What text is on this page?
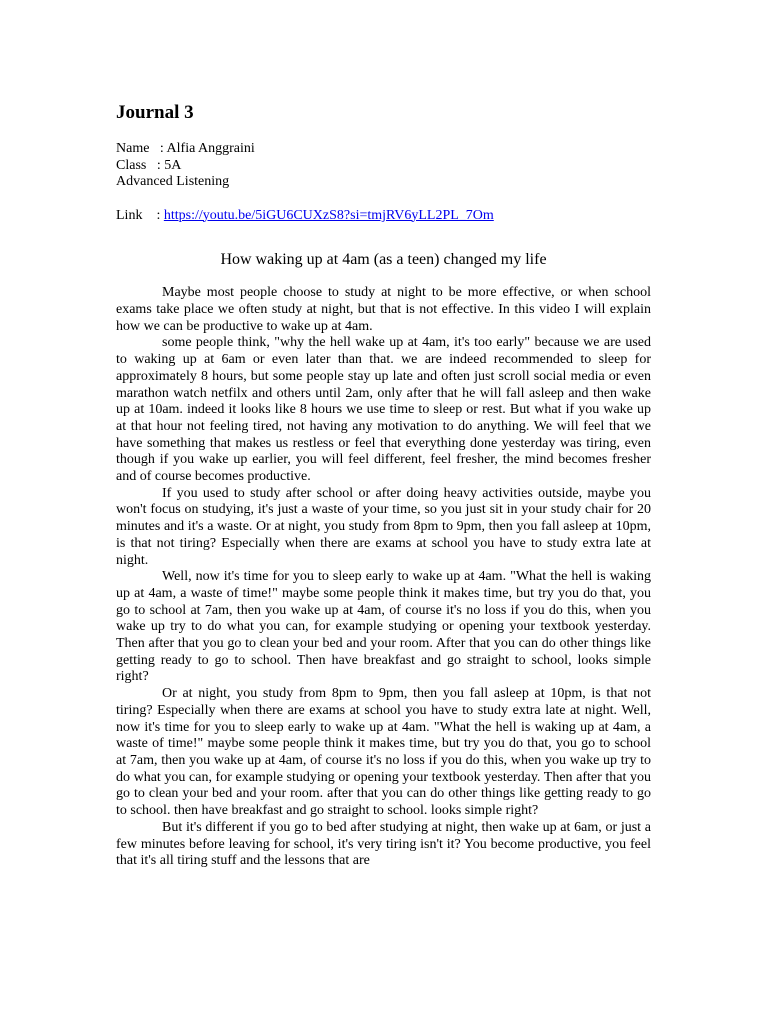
Journal 3
Name   : Alfia Anggraini
Class   : 5A
Advanced Listening
Link    : https://youtu.be/5iGU6CUXzS8?si=tmjRV6yLL2PL_7Om
How waking up at 4am (as a teen) changed my life

Maybe most people choose to study at night to be more effective, or when school exams take place we often study at night, but that is not effective. In this video I will explain how we can be productive to wake up at 4am.

some people think, "why the hell wake up at 4am, it's too early" because we are used to waking up at 6am or even later than that. we are indeed recommended to sleep for approximately 8 hours, but some people stay up late and often just scroll social media or even marathon watch netfilx and others until 2am, only after that he will fall asleep and then wake up at 10am. indeed it looks like 8 hours we use time to sleep or rest. But what if you wake up at that hour not feeling tired, not having any motivation to do anything. We will feel that we have something that makes us restless or feel that everything done yesterday was tiring, even though if you wake up earlier, you will feel different, feel fresher, the mind becomes fresher and of course becomes productive.

If you used to study after school or after doing heavy activities outside, maybe you won't focus on studying, it's just a waste of your time, so you just sit in your study chair for 20 minutes and it's a waste. Or at night, you study from 8pm to 9pm, then you fall asleep at 10pm, is that not tiring? Especially when there are exams at school you have to study extra late at night.

Well, now it's time for you to sleep early to wake up at 4am. "What the hell is waking up at 4am, a waste of time!" maybe some people think it makes time, but try you do that, you go to school at 7am, then you wake up at 4am, of course it's no loss if you do this, when you wake up try to do what you can, for example studying or opening your textbook yesterday. Then after that you go to clean your bed and your room. After that you can do other things like getting ready to go to school. Then have breakfast and go straight to school, looks simple right?

Or at night, you study from 8pm to 9pm, then you fall asleep at 10pm, is that not tiring? Especially when there are exams at school you have to study extra late at night. Well, now it's time for you to sleep early to wake up at 4am. "What the hell is waking up at 4am, a waste of time!" maybe some people think it makes time, but try you do that, you go to school at 7am, then you wake up at 4am, of course it's no loss if you do this, when you wake up try to do what you can, for example studying or opening your textbook yesterday. Then after that you go to clean your bed and your room. after that you can do other things like getting ready to go to school. then have breakfast and go straight to school. looks simple right?

But it's different if you go to bed after studying at night, then wake up at 6am, or just a few minutes before leaving for school, it's very tiring isn't it? You become productive, you feel that it's all tiring stuff and the lessons that are
